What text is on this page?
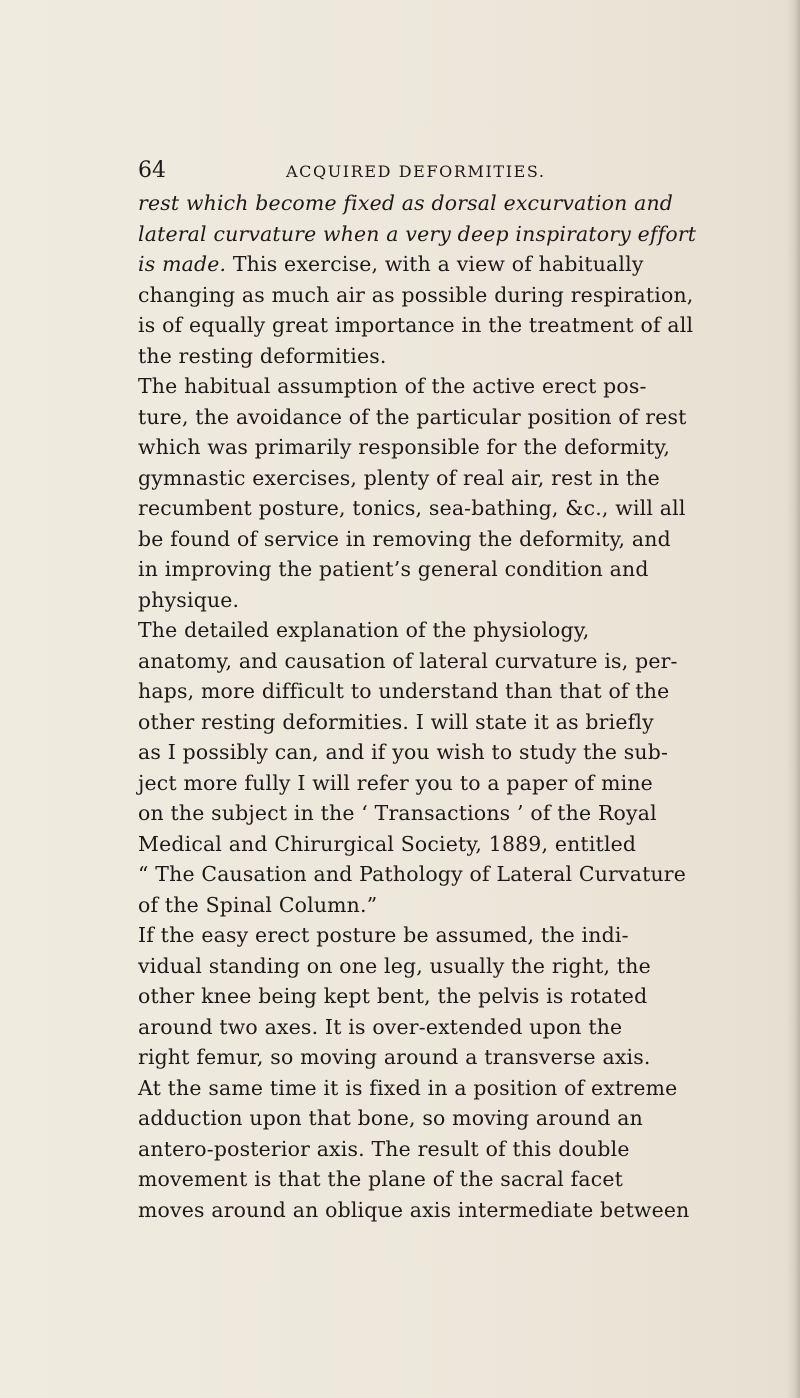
64	ACQUIRED DEFORMITIES.
rest which become fixed as dorsal excurvation and
lateral curvature when a very deep inspiratory effort
is made. This exercise, with a view of habitually
changing as much air as possible during respiration,
is of equally great importance in the treatment of all
the resting deformities.
The habitual assumption of the active erect pos-
ture, the avoidance of the particular position of rest
which was primarily responsible for the deformity,
gymnastic exercises, plenty of real air, rest in the
recumbent posture, tonics, sea-bathing, &c., will all
be found of service in removing the deformity, and
in improving the patient’s general condition and
physique.
The detailed explanation of the physiology,
anatomy, and causation of lateral curvature is, per-
haps, more difficult to understand than that of the
other resting deformities. I will state it as briefly
as I possibly can, and if you wish to study the sub-
ject more fully I will refer you to a paper of mine
on the subject in the ‘ Transactions ’ of the Royal
Medical and Chirurgical Society, 1889, entitled
“ The Causation and Pathology of Lateral Curvature
of the Spinal Column.”
If the easy erect posture be assumed, the indi-
vidual standing on one leg, usually the right, the
other knee being kept bent, the pelvis is rotated
around two axes. It is over-extended upon the
right femur, so moving around a transverse axis.
At the same time it is fixed in a position of extreme
adduction upon that bone, so moving around an
antero-posterior axis. The result of this double
movement is that the plane of the sacral facet
moves around an oblique axis intermediate between
